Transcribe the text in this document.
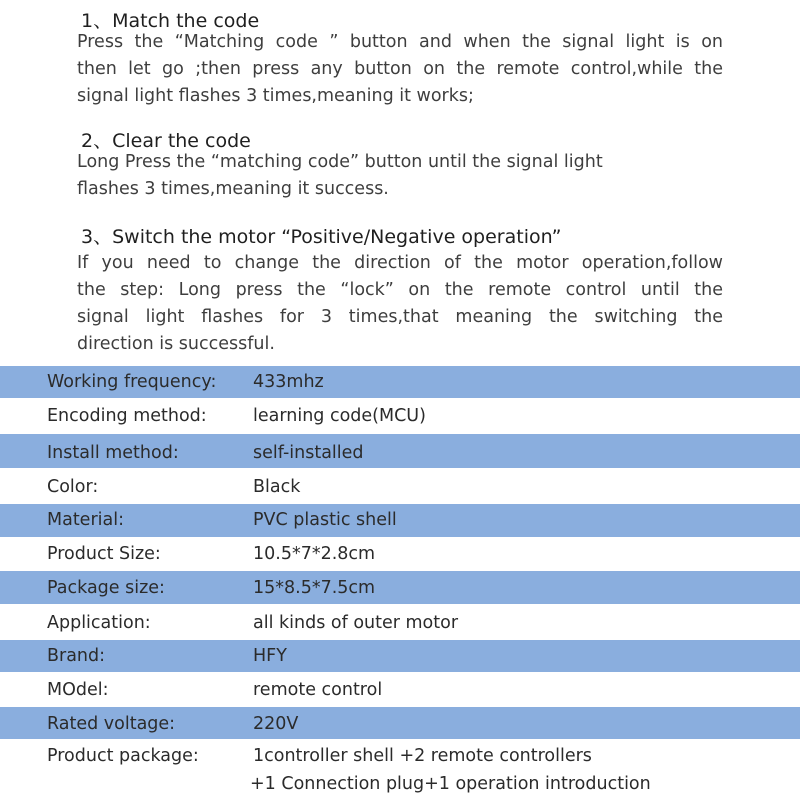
1、Match the code
Press the “Matching code ” button and when the signal light is on
then let go ;then press any button on the remote control,while the
signal light flashes 3 times,meaning it works;
2、Clear the code
Long Press the “matching code” button until the signal light
flashes 3 times,meaning it success.
3、Switch the motor “Positive/Negative operation”
If you need to change the direction of the motor operation,follow
the step: Long press the “lock” on the remote control until the
signal light flashes for 3 times,that meaning the switching the
direction is successful.
Working frequency: 433mhz
Encoding method:	learning code(MCU)
Install method:	self-installed
Color:	Black
Material:	PVC plastic shell
Product Size:	10.5*7*2.8cm
Package size:	15*8.5*7.5cm
Application:	all kinds of outer motor
Brand:	HFY
MOdel:	remote control
Rated voltage:	220V
Product package:	1controller shell +2 remote controllers
+1 Connection plug+1 operation introduction
